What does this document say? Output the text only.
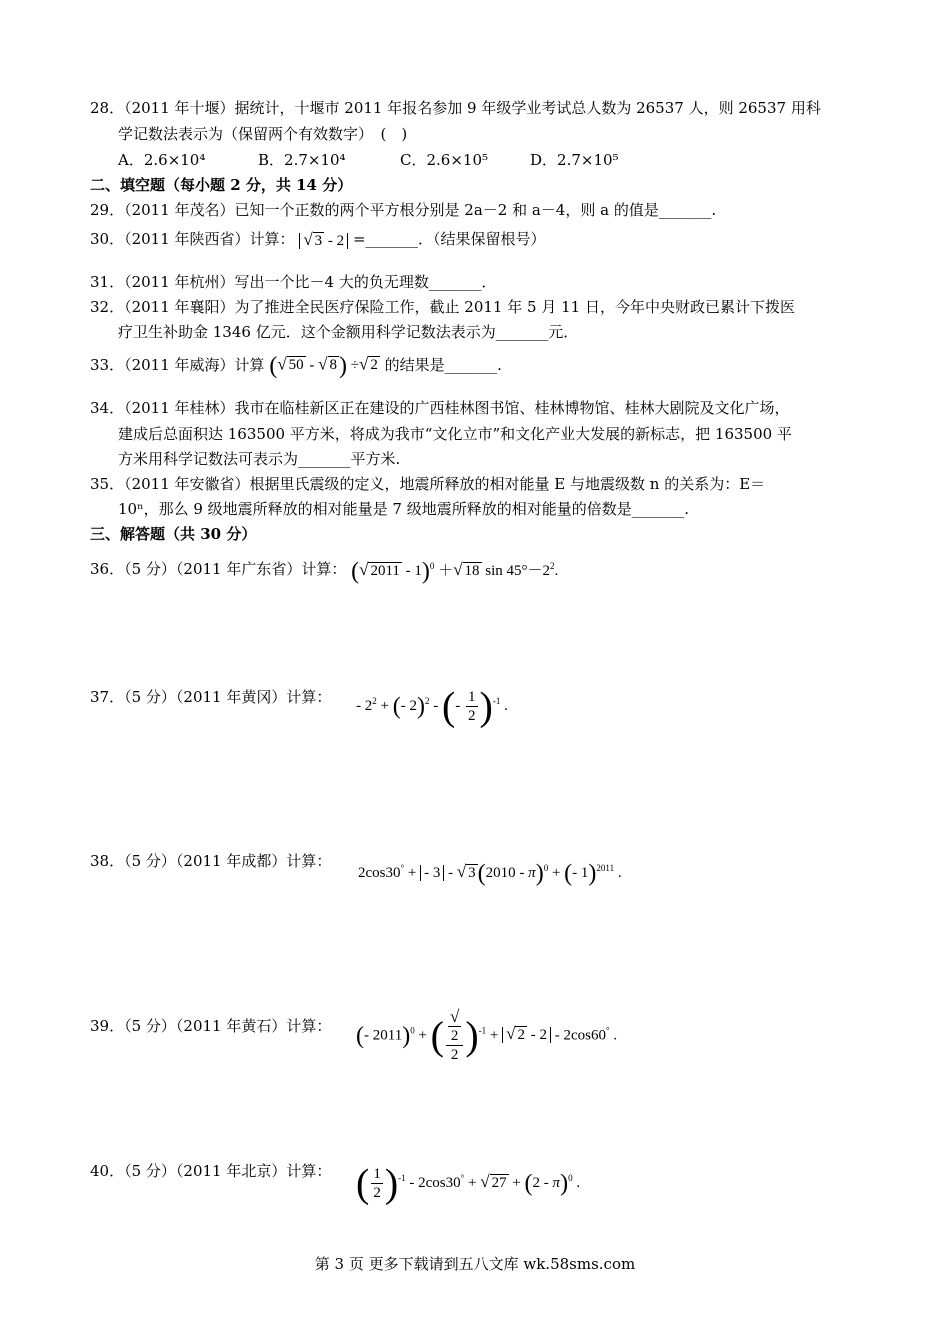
28．（2011 年十堰）据统计，十堰市 2011 年报名参加 9 年级学业考试总人数为 26537 人，则 26537 用科
学记数法表示为（保留两个有效数字）　(　)
A．2.6×10⁴	B．2.7×10⁴	C．2.6×10⁵	D．2.7×10⁵
二、填空题（每小题 2 分，共 14 分）
29．（2011 年茂名）已知一个正数的两个平方根分别是 2a－2 和 a－4，则 a 的值是_______.
30．（2011 年陕西省）计算： √ 3 - 2 =_______．（结果保留根号）
31．（2011 年杭州）写出一个比－4 大的负无理数_______．
32．（2011 年襄阳）为了推进全民医疗保险工作，截止 2011 年 5 月 11 日，今年中央财政已累计下拨医
疗卫生补助金 1346 亿元．这个金额用科学记数法表示为_______元．
33．（2011 年威海）计算 (√ 50 - √ 8) ÷√ 2 的结果是_______.
34．（2011 年桂林）我市在临桂新区正在建设的广西桂林图书馆、桂林博物馆、桂林大剧院及文化广场，
建成后总面积达 163500 平方米，将成为我市“文化立市”和文化产业大发展的新标志，把 163500 平
方米用科学记数法可表示为_______平方米.
35．（2011 年安徽省）根据里氏震级的定义，地震所释放的相对能量 E 与地震级数 n 的关系为：E＝
10ⁿ，那么 9 级地震所释放的相对能量是 7 级地震所释放的相对能量的倍数是_______.
三、解答题（共 30 分）
36．（5 分）（2011 年广东省）计算： (√ 2011 - 1)$^0$ ＋√ 18 $\sin 45^\circ-2^2$.
37．（5 分）（2011 年黄冈）计算： - $2^2$ + (- 2)$^2$ - (- $\frac{1}{2} )^{-1}$ .
38．（5 分）（2011 年成都）计算：
2cos30° + - 3 - √ 3(2010 - π)$^0$ + (- 1)$^{2011}$ .
39．（5 分）（2011 年黄石）计算： (- 2011)$^0$ + ( √
2
2 )$^{-1}$ + √ 2 - 2 - 2cos60° .
40．（5 分）（2011 年北京）计算： ( $\frac{1}{2} )^{-1} - 2\cos 30^\circ$ + √ 27 + (2 - π)$^0$ .
第 3 页 更多下载请到五八文库 wk.58sms.com
